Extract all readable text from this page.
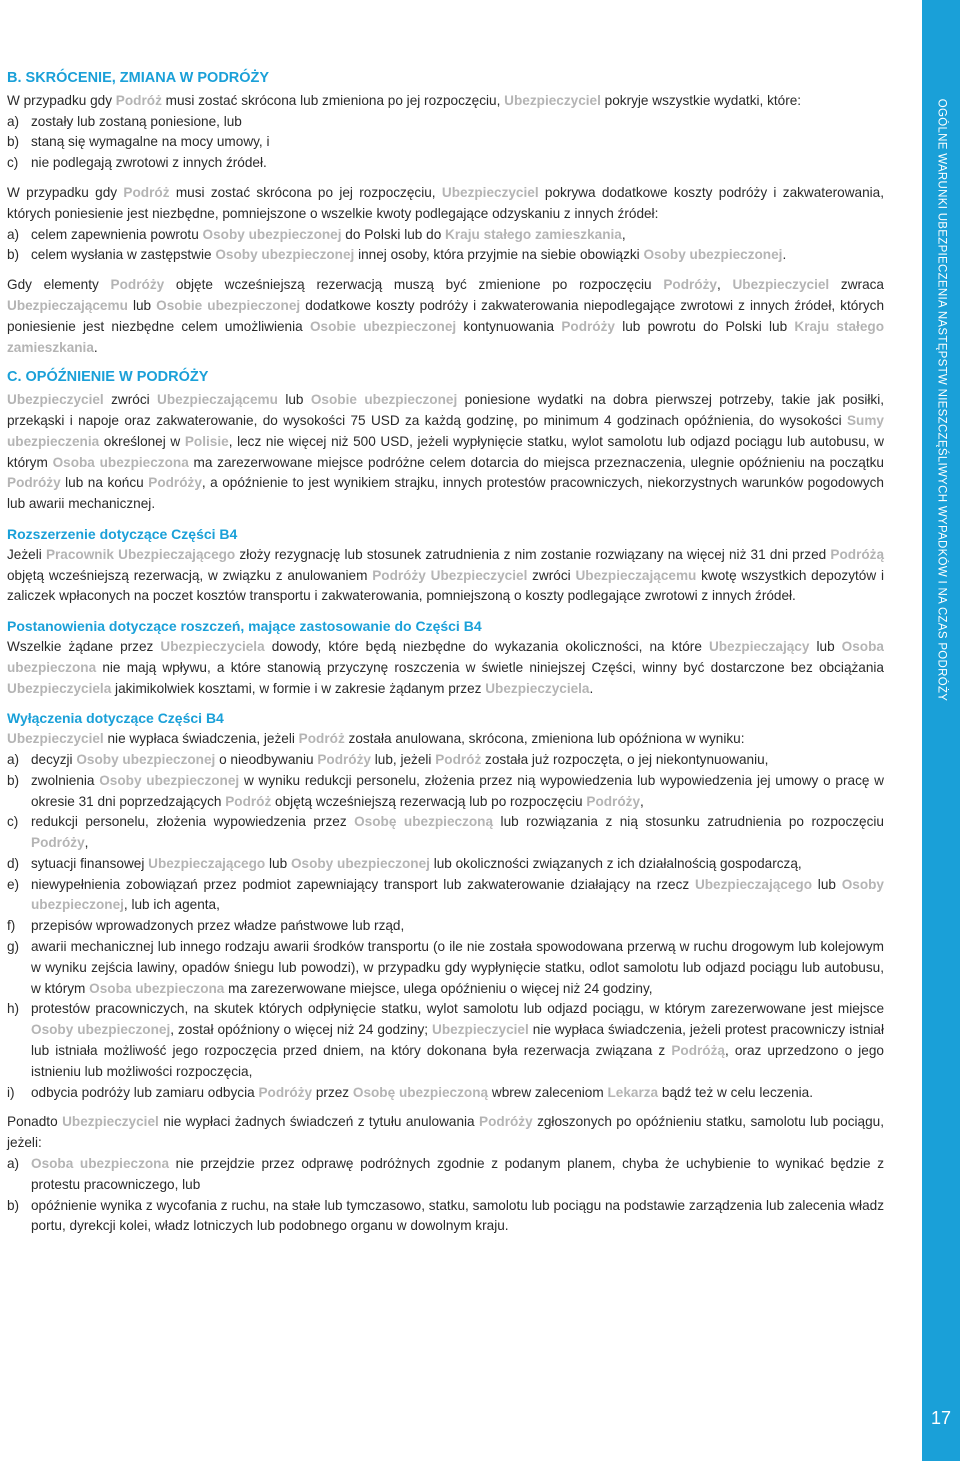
B. SKRÓCENIE, ZMIANA W PODRÓŻY

W przypadku gdy Podróż musi zostać skrócona lub zmieniona po jej rozpoczęciu, Ubezpieczyciel pokryje wszystkie wydatki, które:

a) zostały lub zostaną poniesione, lub
b) staną się wymagalne na mocy umowy, i
c) nie podlegają zwrotowi z innych źródeł.

W przypadku gdy Podróż musi zostać skrócona po jej rozpoczęciu, Ubezpieczyciel pokrywa dodatkowe koszty podróży i zakwaterowania, których poniesienie jest niezbędne, pomniejszone o wszelkie kwoty podlegające odzyskaniu z innych źródeł:

a) celem zapewnienia powrotu Osoby ubezpieczonej do Polski lub do Kraju stałego zamieszkania,
b) celem wysłania w zastępstwie Osoby ubezpieczonej innej osoby, która przyjmie na siebie obowiązki Osoby ubezpieczonej.

Gdy elementy Podróży objęte wcześniejszą rezerwacją muszą być zmienione po rozpoczęciu Podróży, Ubezpieczyciel zwraca Ubezpieczającemu lub Osobie ubezpieczonej dodatkowe koszty podróży i zakwaterowania niepodlegające zwrotowi z innych źródeł, których poniesienie jest niezbędne celem umożliwienia Osobie ubezpieczonej kontynuowania Podróży lub powrotu do Polski lub Kraju stałego zamieszkania.

C. OPÓŹNIENIE W PODRÓŻY

Ubezpieczyciel zwróci Ubezpieczającemu lub Osobie ubezpieczonej poniesione wydatki na dobra pierwszej potrzeby, takie jak posiłki, przekąski i napoje oraz zakwaterowanie, do wysokości 75 USD za każdą godzinę, po minimum 4 godzinach opóźnienia, do wysokości Sumy ubezpieczenia określonej w Polisie, lecz nie więcej niż 500 USD, jeżeli wypłynięcie statku, wylot samolotu lub odjazd pociągu lub autobusu, w którym Osoba ubezpieczona ma zarezerwowane miejsce podróżne celem dotarcia do miejsca przeznaczenia, ulegnie opóźnieniu na początku Podróży lub na końcu Podróży, a opóźnienie to jest wynikiem strajku, innych protestów pracowniczych, niekorzystnych warunków pogodowych lub awarii mechanicznej.

Rozszerzenie dotyczące Części B4

Jeżeli Pracownik Ubezpieczającego złoży rezygnację lub stosunek zatrudnienia z nim zostanie rozwiązany na więcej niż 31 dni przed Podróżą objętą wcześniejszą rezerwacją, w związku z anulowaniem Podróży Ubezpieczyciel zwróci Ubezpieczającemu kwotę wszystkich depozytów i zaliczek wpłaconych na poczet kosztów transportu i zakwaterowania, pomniejszoną o koszty podlegające zwrotowi z innych źródeł.

Postanowienia dotyczące roszczeń, mające zastosowanie do Części B4

Wszelkie żądane przez Ubezpieczyciela dowody, które będą niezbędne do wykazania okoliczności, na które Ubezpieczający lub Osoba ubezpieczona nie mają wpływu, a które stanowią przyczynę roszczenia w świetle niniejszej Części, winny być dostarczone bez obciążania Ubezpieczyciela jakimikolwiek kosztami, w formie i w zakresie żądanym przez Ubezpieczyciela.

Wyłączenia dotyczące Części B4

Ubezpieczyciel nie wypłaca świadczenia, jeżeli Podróż została anulowana, skrócona, zmieniona lub opóźniona w wyniku:

a) decyzji Osoby ubezpieczonej o nieodbywaniu Podróży lub, jeżeli Podróż została już rozpoczęta, o jej niekontynuowaniu,
b) zwolnienia Osoby ubezpieczonej w wyniku redukcji personelu, złożenia przez nią wypowiedzenia lub wypowiedzenia jej umowy o pracę w okresie 31 dni poprzedzających Podróż objętą wcześniejszą rezerwacją lub po rozpoczęciu Podróży,
c) redukcji personelu, złożenia wypowiedzenia przez Osobę ubezpieczoną lub rozwiązania z nią stosunku zatrudnienia po rozpoczęciu Podróży,
d) sytuacji finansowej Ubezpieczającego lub Osoby ubezpieczonej lub okoliczności związanych z ich działalnością gospodarczą,
e) niewypełnienia zobowiązań przez podmiot zapewniający transport lub zakwaterowanie działający na rzecz Ubezpieczającego lub Osoby ubezpieczonej, lub ich agenta,
f)	przepisów wprowadzonych przez władze państwowe lub rząd,
g) awarii mechanicznej lub innego rodzaju awarii środków transportu (o ile nie została spowodowana przerwą w ruchu drogowym lub kolejowym w wyniku zejścia lawiny, opadów śniegu lub powodzi), w przypadku gdy wypłynięcie statku, odlot samolotu lub odjazd pociągu lub autobusu, w którym Osoba ubezpieczona ma zarezerwowane miejsce, ulega opóźnieniu o więcej niż 24 godziny,
h) protestów pracowniczych, na skutek których odpłynięcie statku, wylot samolotu lub odjazd pociągu, w którym zarezerwowane jest miejsce Osoby ubezpieczonej, został opóźniony o więcej niż 24 godziny; Ubezpieczyciel nie wypłaca świadczenia, jeżeli protest pracowniczy istniał lub istniała możliwość jego rozpoczęcia przed dniem, na który dokonana była rezerwacja związana z Podróżą, oraz uprzedzono o jego istnieniu lub możliwości rozpoczęcia,
i)	odbycia podróży lub zamiaru odbycia Podróży przez Osobę ubezpieczoną wbrew zaleceniom Lekarza bądź też w celu leczenia.

Ponadto Ubezpieczyciel nie wypłaci żadnych świadczeń z tytułu anulowania Podróży zgłoszonych po opóźnieniu statku, samolotu lub pociągu, jeżeli:

a) Osoba ubezpieczona nie przejdzie przez odprawę podróżnych zgodnie z podanym planem, chyba że uchybienie to wynikać będzie z protestu pracowniczego, lub
b) opóźnienie wynika z wycofania z ruchu, na stałe lub tymczasowo, statku, samolotu lub pociągu na podstawie zarządzenia lub zalecenia władz portu, dyrekcji kolei, władz lotniczych lub podobnego organu w dowolnym kraju.
OGÓLNE WARUNKI UBEZPIECZENIA NASTĘPSTW NIESZCZĘŚLIWYCH WYPADKÓW I NA CZAS PODRÓŻY
17
